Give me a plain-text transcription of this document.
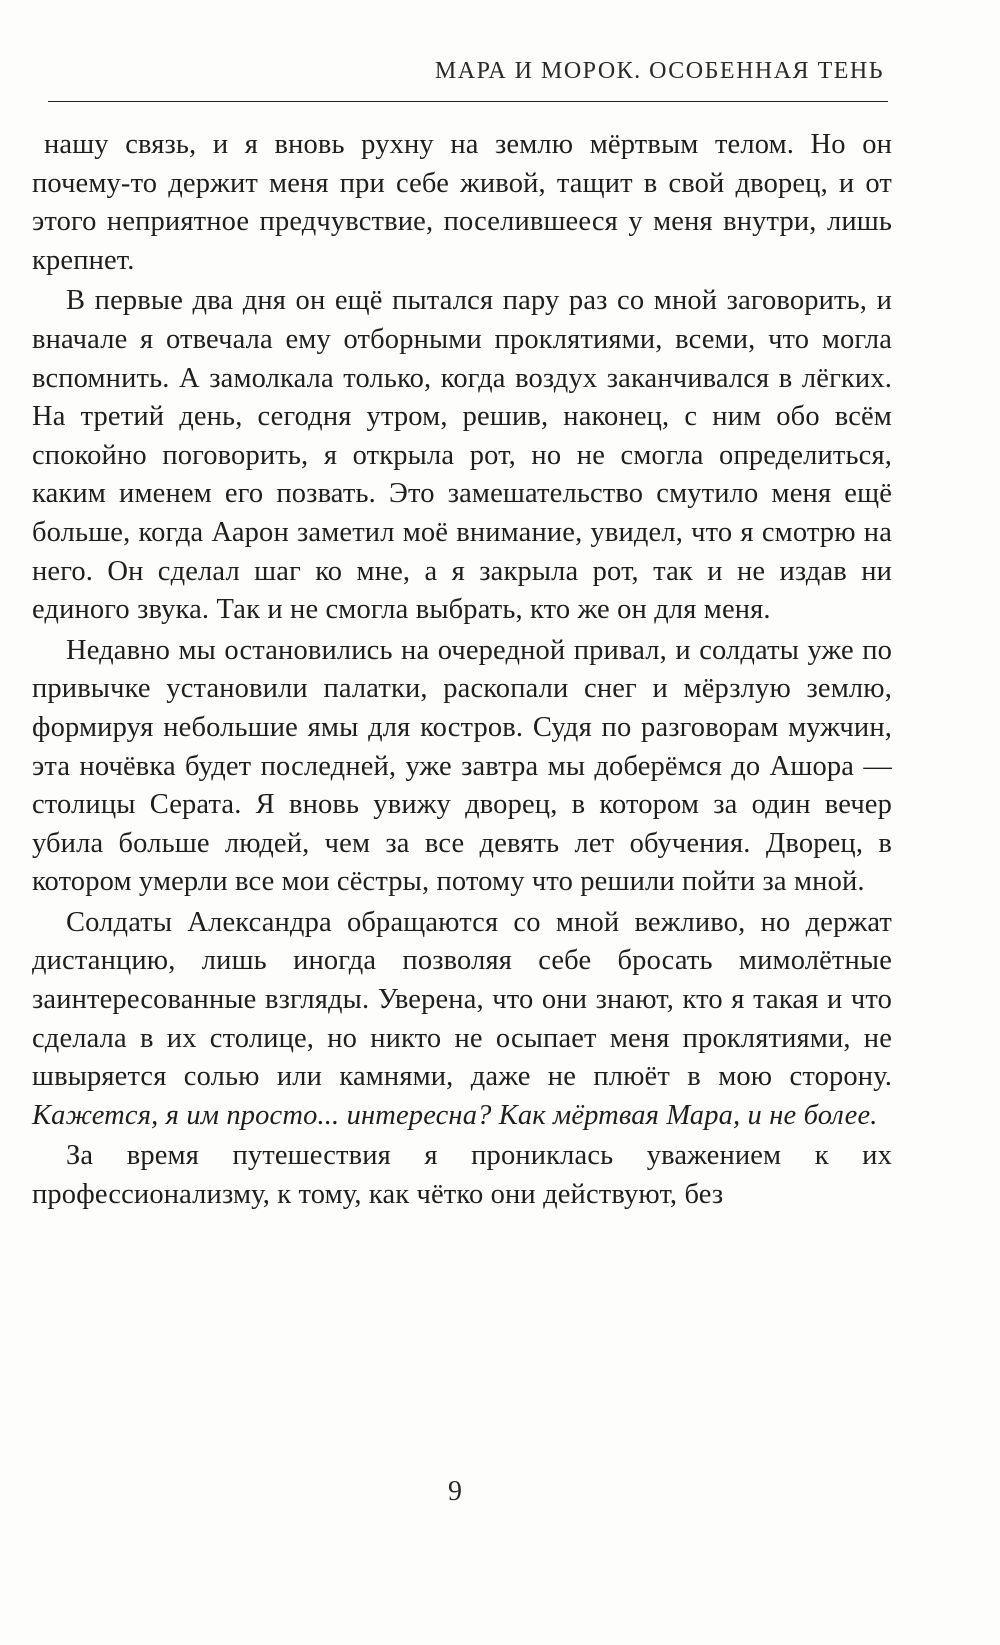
МАРА И МОРОК. ОСОБЕННАЯ ТЕНЬ

нашу связь, и я вновь рухну на землю мёртвым телом. Но он почему-то держит меня при себе живой, тащит в свой дворец, и от этого неприятное предчувствие, поселившееся у меня внутри, лишь крепнет.

В первые два дня он ещё пытался пару раз со мной заговорить, и вначале я отвечала ему отборными проклятиями, всеми, что могла вспомнить. А замолкала только, когда воздух заканчивался в лёгких. На третий день, сегодня утром, решив, наконец, с ним обо всём спокойно поговорить, я открыла рот, но не смогла определиться, каким именем его позвать. Это замешательство смутило меня ещё больше, когда Аарон заметил моё внимание, увидел, что я смотрю на него. Он сделал шаг ко мне, а я закрыла рот, так и не издав ни единого звука. Так и не смогла выбрать, кто же он для меня.

Недавно мы остановились на очередной привал, и солдаты уже по привычке установили палатки, раскопали снег и мёрзлую землю, формируя небольшие ямы для костров. Судя по разговорам мужчин, эта ночёвка будет последней, уже завтра мы доберёмся до Ашора — столицы Серата. Я вновь увижу дворец, в котором за один вечер убила больше людей, чем за все девять лет обучения. Дворец, в котором умерли все мои сёстры, потому что решили пойти за мной.

Солдаты Александра обращаются со мной вежливо, но держат дистанцию, лишь иногда позволяя себе бросать мимолётные заинтересованные взгляды. Уверена, что они знают, кто я такая и что сделала в их столице, но никто не осыпает меня проклятиями, не швыряется солью или камнями, даже не плюёт в мою сторону. Кажется, я им просто... интересна? Как мёртвая Мара, и не более.

За время путешествия я прониклась уважением к их профессионализму, к тому, как чётко они действуют, без

9
